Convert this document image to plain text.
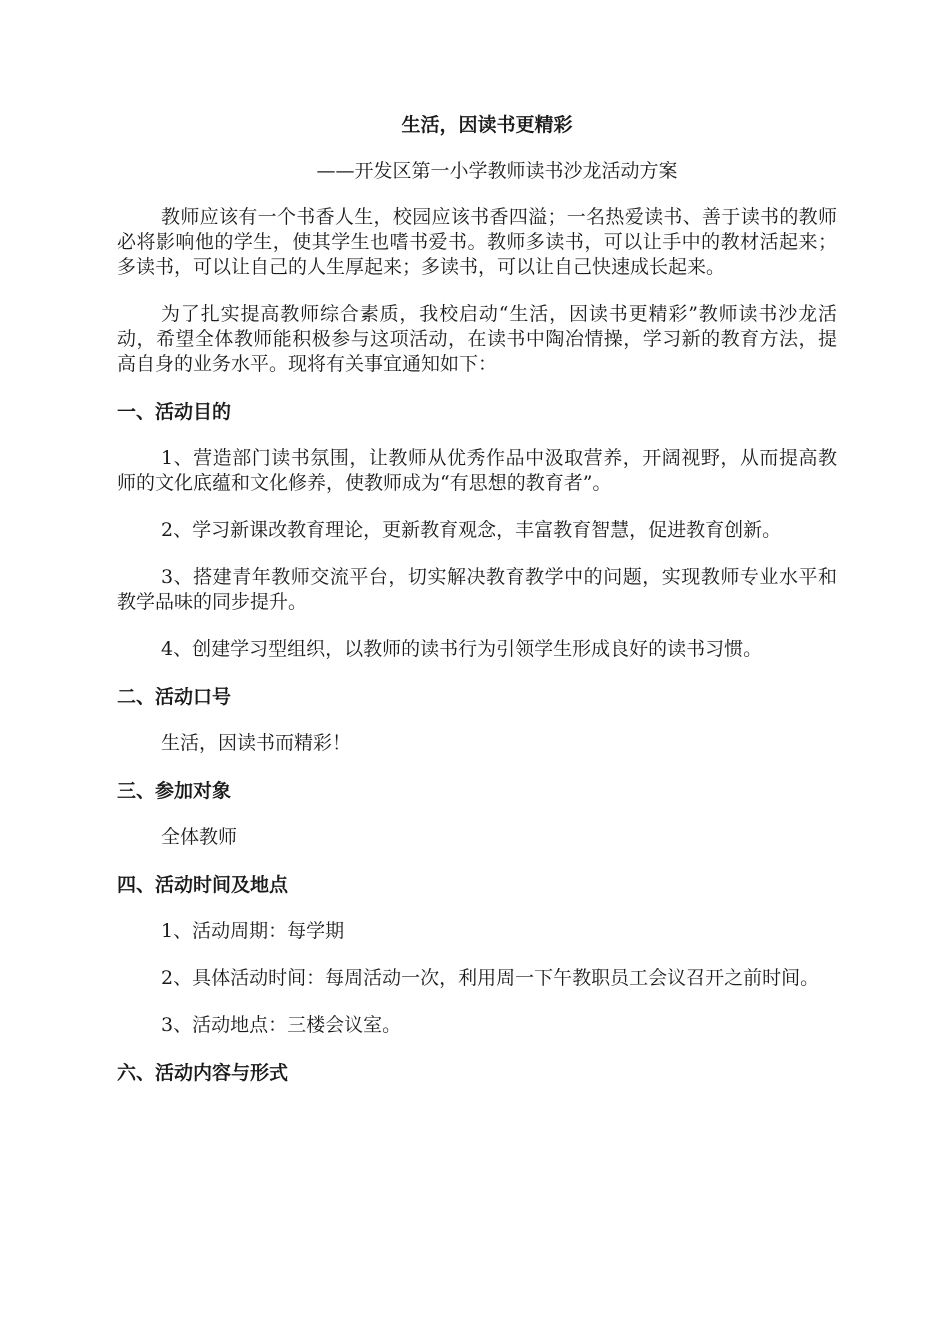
生活，因读书更精彩
——开发区第一小学教师读书沙龙活动方案
教师应该有一个书香人生，校园应该书香四溢；一名热爱读书、善于读书的教师必将影响他的学生，使其学生也嗜书爱书。教师多读书，可以让手中的教材活起来；多读书，可以让自己的人生厚起来；多读书，可以让自己快速成长起来。
为了扎实提高教师综合素质，我校启动“生活，因读书更精彩”教师读书沙龙活动，希望全体教师能积极参与这项活动，在读书中陶冶情操，学习新的教育方法，提高自身的业务水平。现将有关事宜通知如下：
一、活动目的
1、营造部门读书氛围，让教师从优秀作品中汲取营养，开阔视野，从而提高教师的文化底蕴和文化修养，使教师成为“有思想的教育者”。
2、学习新课改教育理论，更新教育观念，丰富教育智慧，促进教育创新。
3、搭建青年教师交流平台，切实解决教育教学中的问题，实现教师专业水平和教学品味的同步提升。
4、创建学习型组织，以教师的读书行为引领学生形成良好的读书习惯。
二、活动口号
生活，因读书而精彩！
三、参加对象
全体教师
四、活动时间及地点
1、活动周期：每学期
2、具体活动时间：每周活动一次，利用周一下午教职员工会议召开之前时间。
3、活动地点：三楼会议室。
六、活动内容与形式
